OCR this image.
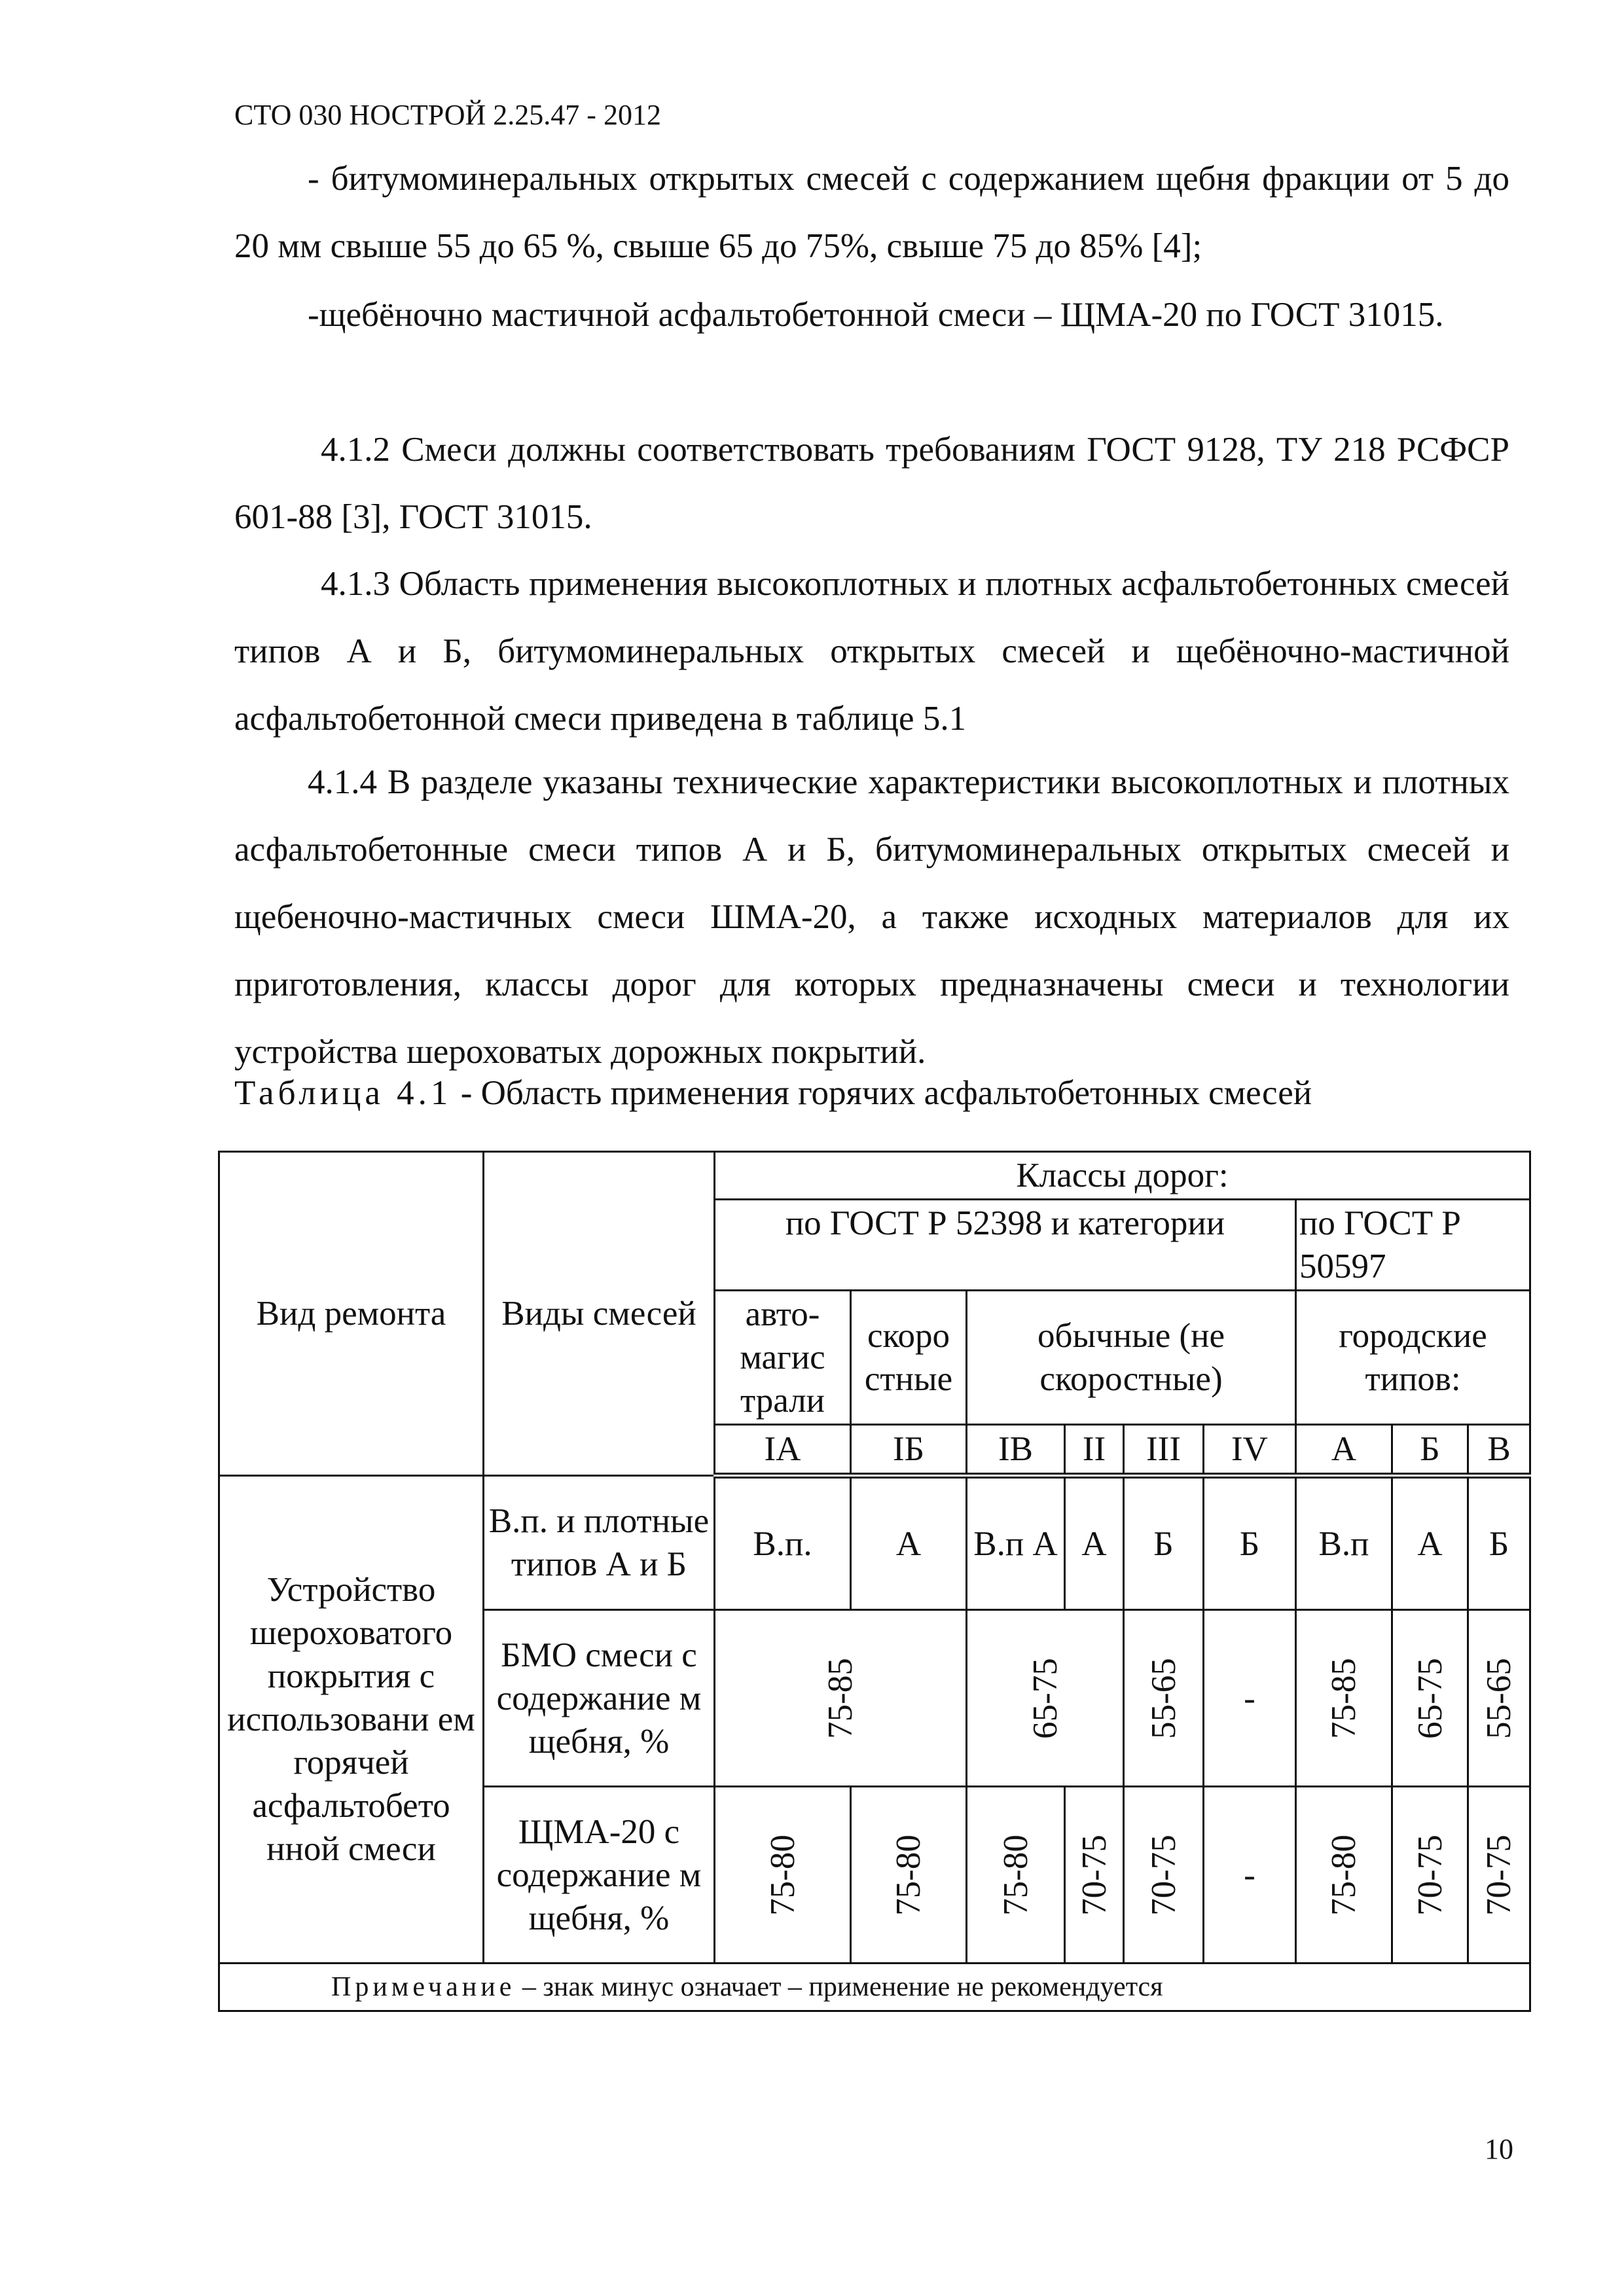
СТО 030 НОСТРОЙ 2.25.47 - 2012

- битумоминеральных открытых смесей с содержанием щебня фракции от 5 до 20 мм свыше 55 до 65 %, свыше 65 до 75%, свыше 75 до 85% [4];

-щебёночно мастичной асфальтобетонной смеси – ЩМА-20 по ГОСТ 31015.

4.1.2 Смеси должны соответствовать требованиям ГОСТ 9128, ТУ 218 РСФСР 601-88 [3], ГОСТ 31015.

4.1.3 Область применения высокоплотных и плотных асфальтобетонных смесей типов А и Б, битумоминеральных открытых смесей и щебёночно-мастичной асфальтобетонной смеси приведена в таблице 5.1

4.1.4 В разделе указаны технические характеристики высокоплотных и плотных асфальтобетонные смеси типов А и Б, битумоминеральных открытых смесей и щебеночно-мастичных смеси ШМА-20, а также исходных материалов для их приготовления, классы дорог для которых предназначены смеси и технологии устройства шероховатых дорожных покрытий.

Таблица 4.1 - Область применения горячих асфальтобетонных смесей
Вид ремонта	Виды смесей	Классы дорог:								
		по ГОСТ Р 52398 и категории						по ГОСТ Р 50597		
		авто-магис трали	скоро стные	обычные (не скоростные)				городские типов:		
		IА	IБ	IВ	II	III	IV	А	Б	В
Устройство шероховатого покрытия с использовани ем горячей асфальтобето нной смеси	В.п. и плотные типов А и Б	В.п.	А	В.п А	А	Б	Б	В.п	А	Б
	БМО смеси с содержание м щебня, %	75-85		65-75		55-65	-	75-85	65-75	55-65

	ЩМА-20 с содержание м щебня, %	75-80	75-80	75-80	70-75	70-75	-	75-80	70-75	70-75

Примечание – знак минус означает – применение не рекомендуется										
10
